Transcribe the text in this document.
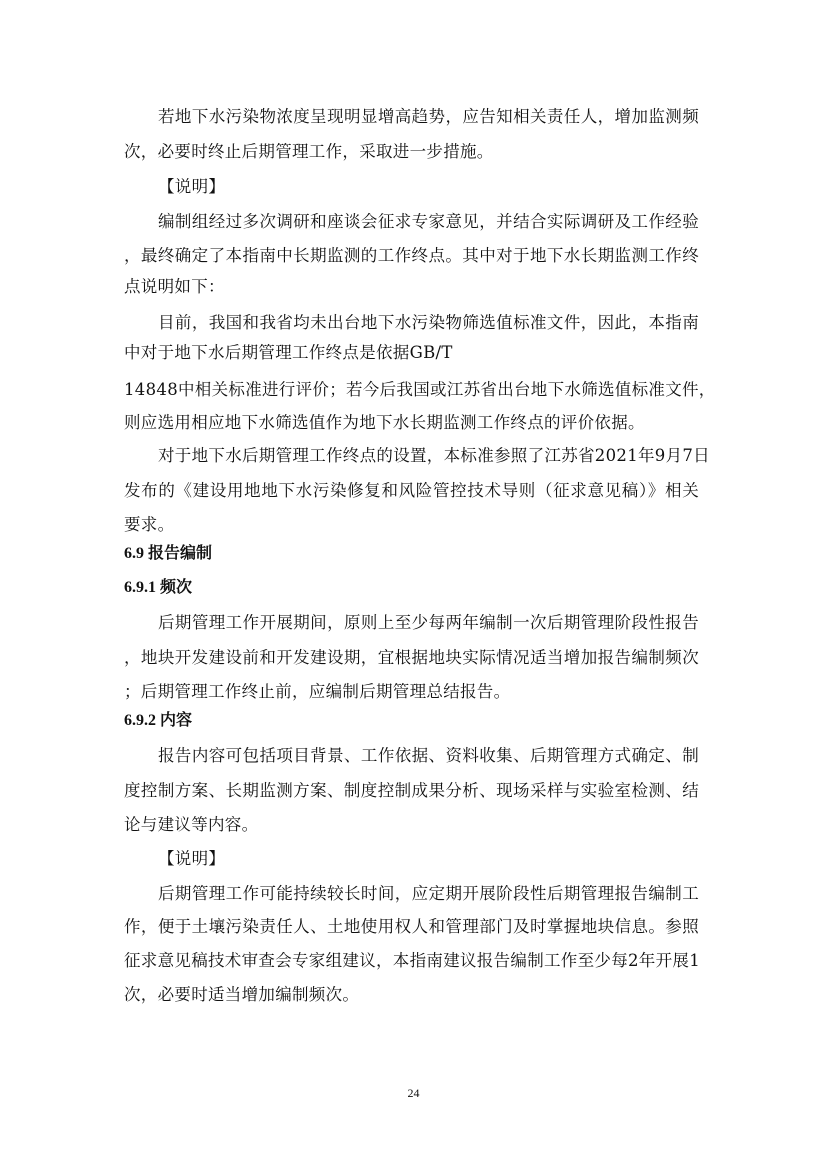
若地下水污染物浓度呈现明显增高趋势，应告知相关责任人，增加监测频
次，必要时终止后期管理工作，采取进一步措施。
【说明】
编制组经过多次调研和座谈会征求专家意见，并结合实际调研及工作经验
，最终确定了本指南中长期监测的工作终点。其中对于地下水长期监测工作终
点说明如下：
目前，我国和我省均未出台地下水污染物筛选值标准文件，因此，本指南
中对于地下水后期管理工作终点是依据GB/T
14848中相关标准进行评价；若今后我国或江苏省出台地下水筛选值标准文件，
则应选用相应地下水筛选值作为地下水长期监测工作终点的评价依据。
对于地下水后期管理工作终点的设置，本标准参照了江苏省2021年9月7日
发布的《建设用地地下水污染修复和风险管控技术导则（征求意见稿）》相关
要求。
6.9 报告编制
6.9.1 频次
后期管理工作开展期间，原则上至少每两年编制一次后期管理阶段性报告
，地块开发建设前和开发建设期，宜根据地块实际情况适当增加报告编制频次
；后期管理工作终止前，应编制后期管理总结报告。
6.9.2 内容
报告内容可包括项目背景、工作依据、资料收集、后期管理方式确定、制
度控制方案、长期监测方案、制度控制成果分析、现场采样与实验室检测、结
论与建议等内容。
【说明】
后期管理工作可能持续较长时间，应定期开展阶段性后期管理报告编制工
作，便于土壤污染责任人、土地使用权人和管理部门及时掌握地块信息。参照
征求意见稿技术审查会专家组建议，本指南建议报告编制工作至少每2年开展1
次，必要时适当增加编制频次。
24
